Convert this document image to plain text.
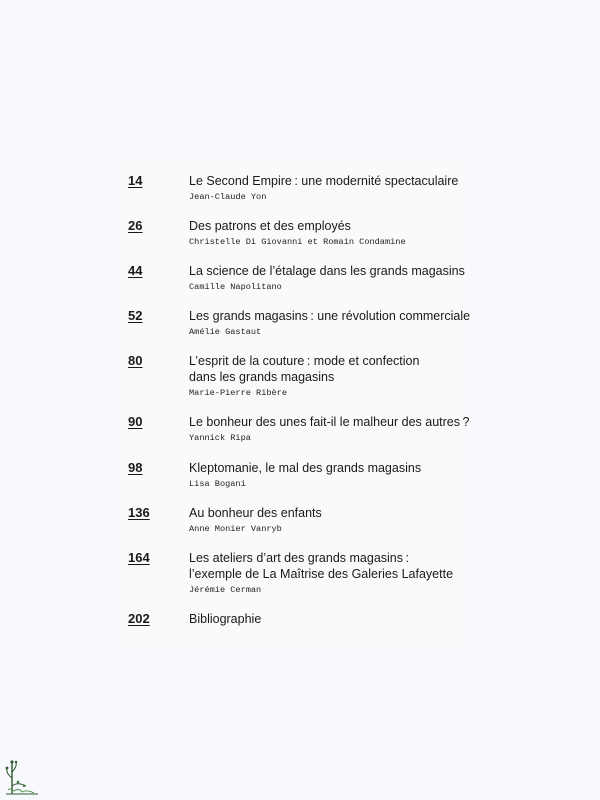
14	Le Second Empire : une modernité spectaculaire
Jean-Claude Yon
26	Des patrons et des employés
Christelle Di Giovanni et Romain Condamine
44	La science de l’étalage dans les grands magasins
Camille Napolitano
52	Les grands magasins : une révolution commerciale
Amélie Gastaut
80	L’esprit de la couture : mode et confection
dans les grands magasins
Marie-Pierre Ribère
90	Le bonheur des unes fait-il le malheur des autres ?
Yannick Ripa
98	Kleptomanie, le mal des grands magasins
Lisa Bogani
136	Au bonheur des enfants
Anne Monier Vanryb
164	Les ateliers d’art des grands magasins :
l’exemple de La Maîtrise des Galeries Lafayette
Jérémie Cerman
202	Bibliographie
